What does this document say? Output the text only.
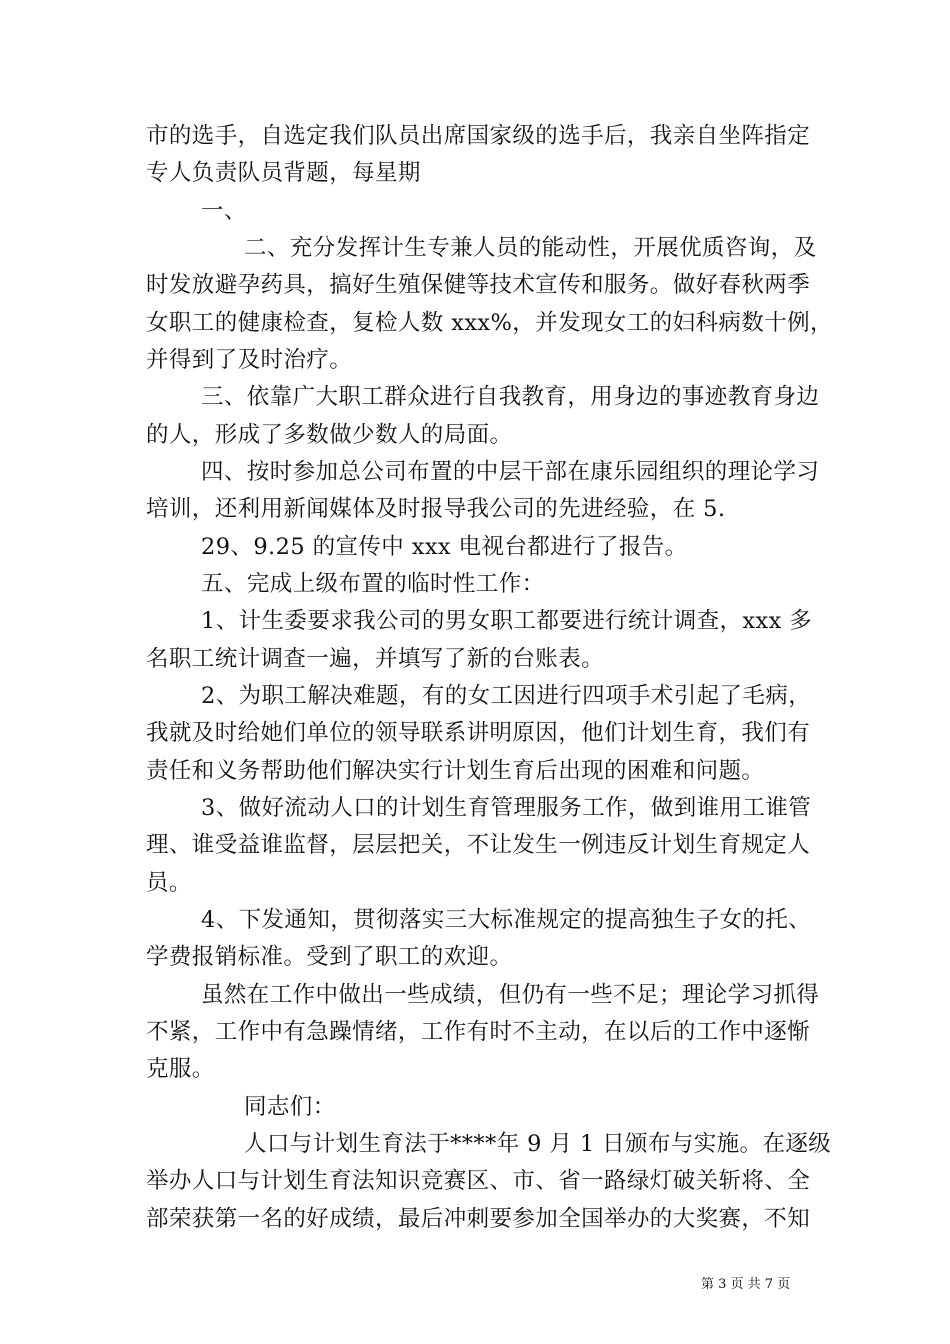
市的选手，自选定我们队员出席国家级的选手后，我亲自坐阵指定
专人负责队员背题，每星期
一、
二、充分发挥计生专兼人员的能动性，开展优质咨询，及
时发放避孕药具，搞好生殖保健等技术宣传和服务。做好春秋两季
女职工的健康检查，复检人数 xxx%，并发现女工的妇科病数十例，
并得到了及时治疗。
三、依靠广大职工群众进行自我教育，用身边的事迹教育身边
的人，形成了多数做少数人的局面。
四、按时参加总公司布置的中层干部在康乐园组织的理论学习
培训，还利用新闻媒体及时报导我公司的先进经验，在 5.
29、9.25 的宣传中 xxx 电视台都进行了报告。
五、完成上级布置的临时性工作：
1、计生委要求我公司的男女职工都要进行统计调查，xxx 多
名职工统计调查一遍，并填写了新的台账表。
2、为职工解决难题，有的女工因进行四项手术引起了毛病，
我就及时给她们单位的领导联系讲明原因，他们计划生育，我们有
责任和义务帮助他们解决实行计划生育后出现的困难和问题。
3、做好流动人口的计划生育管理服务工作，做到谁用工谁管
理、谁受益谁监督，层层把关，不让发生一例违反计划生育规定人
员。
4、下发通知，贯彻落实三大标准规定的提高独生子女的托、
学费报销标准。受到了职工的欢迎。
虽然在工作中做出一些成绩，但仍有一些不足；理论学习抓得
不紧，工作中有急躁情绪，工作有时不主动，在以后的工作中逐惭
克服。
同志们：
人口与计划生育法于****年 9 月 1 日颁布与实施。在逐级
举办人口与计划生育法知识竞赛区、市、省一路绿灯破关斩将、全
部荣获第一名的好成绩，最后冲刺要参加全国举办的大奖赛，不知
第 3 页 共 7 页
